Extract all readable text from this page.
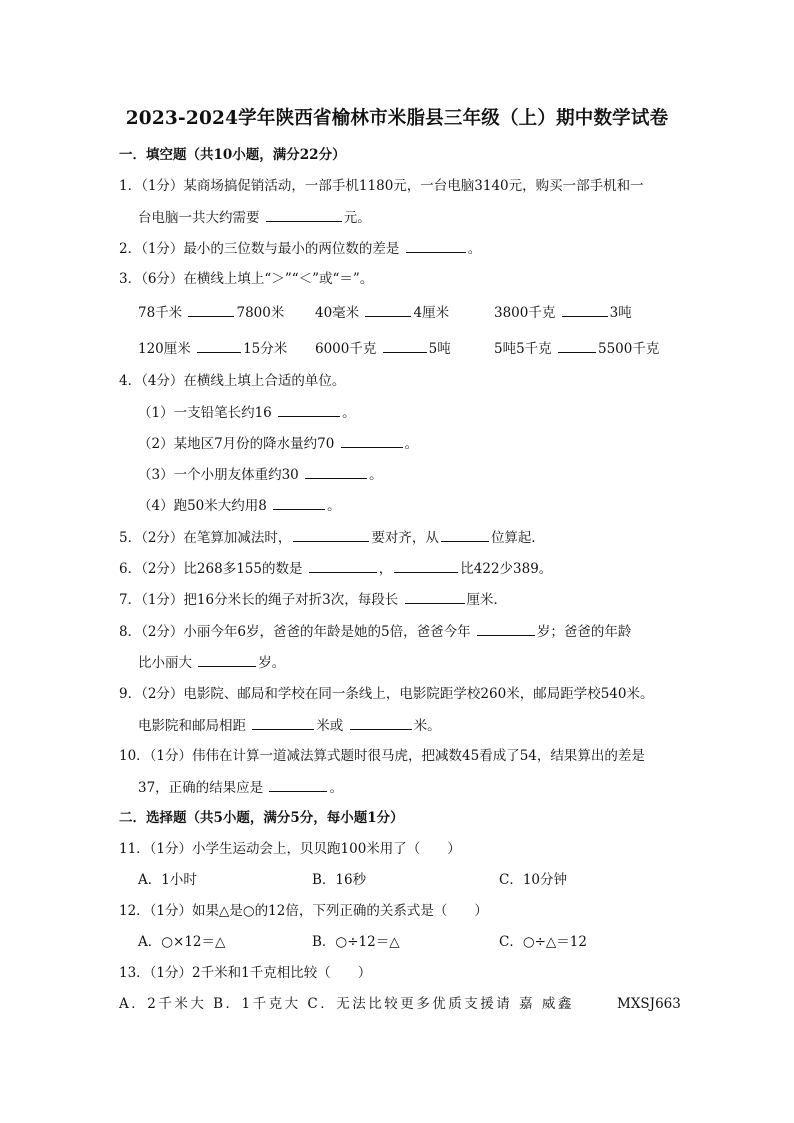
2023-2024学年陕西省榆林市米脂县三年级（上）期中数学试卷
一．填空题（共10小题，满分22分）
1．（1分）某商场搞促销活动，一部手机1180元，一台电脑3140元，购买一部手机和一
台电脑一共大约需要	元。
2．（1分）最小的三位数与最小的两位数的差是	。
3．（6分）在横线上填上“＞”“＜”或“＝”。
78千米	7800米 40毫米	4厘米	3800千克	3吨
120厘米	15分米 6000千克	5吨	5吨5千克	5500千克
4．（4分）在横线上填上合适的单位。
（1）一支铅笔长约16	。
（2）某地区7月份的降水量约70	。
（3）一个小朋友体重约30	。
（4）跑50米大约用8	。
5．（2分）在笔算加减法时，	要对齐，从	位算起．
6．（2分）比268多155的数是	，	比422少389。
7．（1分）把16分米长的绳子对折3次，每段长	厘米．
8．（2分）小丽今年6岁，爸爸的年龄是她的5倍，爸爸今年	岁；爸爸的年龄
比小丽大	岁。
9．（2分）电影院、邮局和学校在同一条线上，电影院距学校260米，邮局距学校540米。
电影院和邮局相距	米或	米。
10．（1分）伟伟在计算一道减法算式题时很马虎，把减数45看成了54，结果算出的差是
37，正确的结果应是	。
二．选择题（共5小题，满分5分，每小题1分）
11．（1分）小学生运动会上，贝贝跑100米用了（　　）
A．1小时	B．16秒	C．10分钟
12．（1分）如果△是○的12倍，下列正确的关系式是（　　）
A．○×12＝△	B．○÷12＝△	C．○÷△＝12
13．（1分）2千米和1千克相比较（　　）
A．2千米大 B．1千克大 C．无法比较更多优质支援请 嘉 威鑫	MXSJ663
